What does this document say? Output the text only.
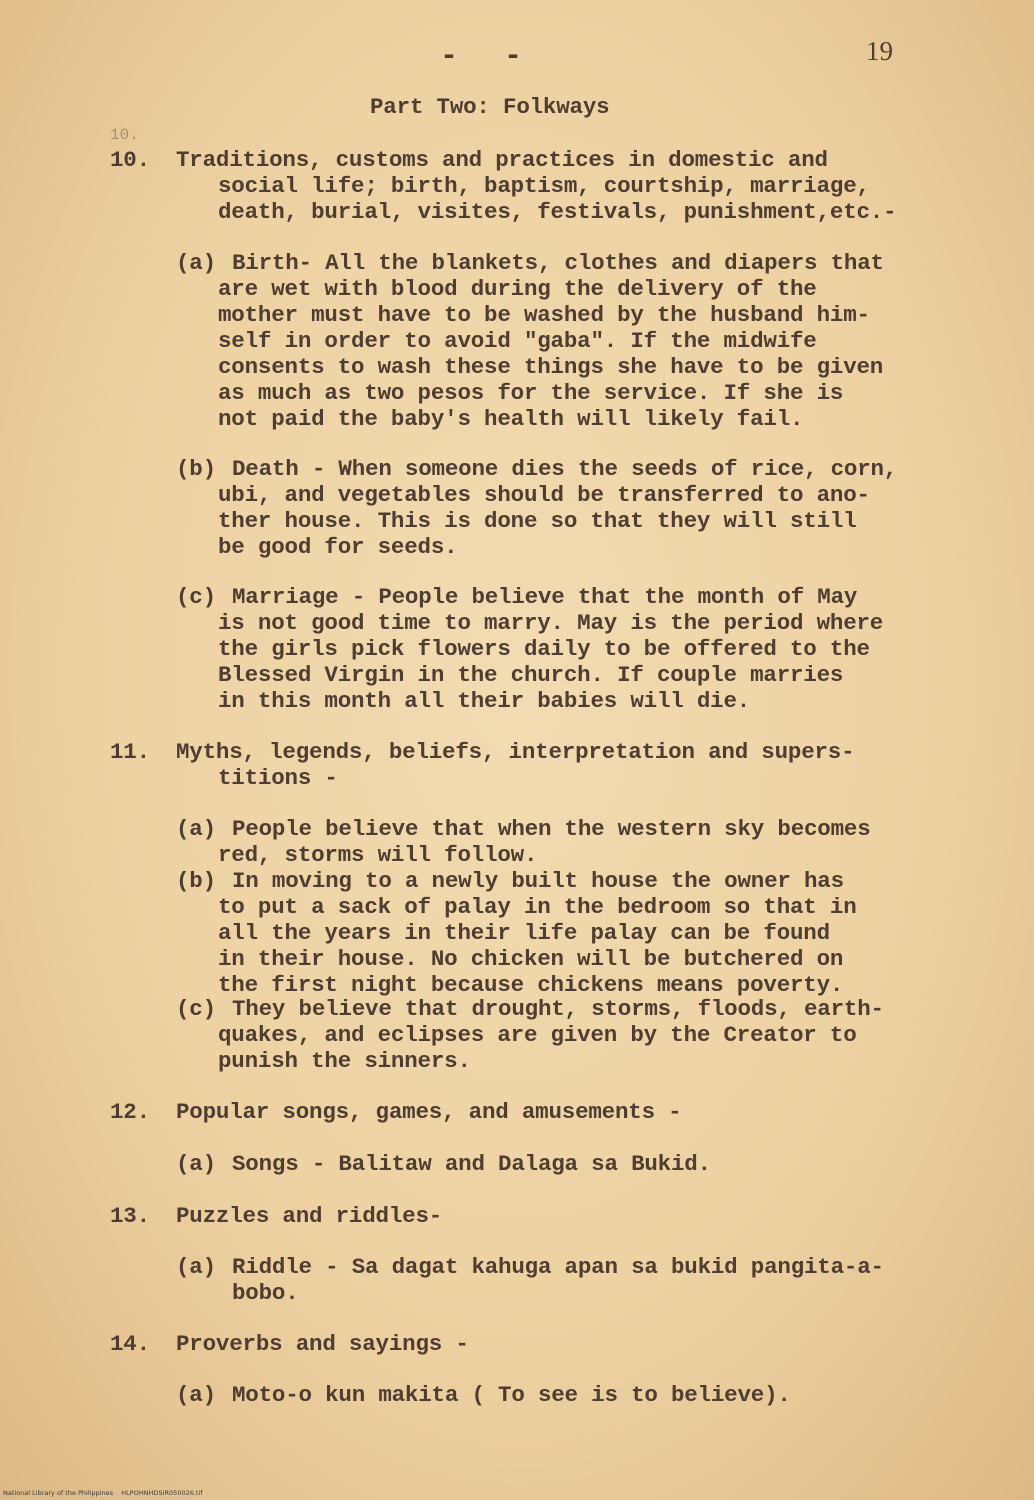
- -	19
Part Two: Folkways
10.
10. Traditions, customs and practices in domestic and
social life; birth, baptism, courtship, marriage,
death, burial, visites, festivals, punishment,etc.-
(a) Birth- All the blankets, clothes and diapers that
are wet with blood during the delivery of the
mother must have to be washed by the husband him-
self in order to avoid "gaba". If the midwife
consents to wash these things she have to be given
as much as two pesos for the service. If she is
not paid the baby's health will likely fail.
(b) Death - When someone dies the seeds of rice, corn,
ubi, and vegetables should be transferred to ano-
ther house. This is done so that they will still
be good for seeds.
(c) Marriage - People believe that the month of May
is not good time to marry. May is the period where
the girls pick flowers daily to be offered to the
Blessed Virgin in the church. If couple marries
in this month all their babies will die.
11. Myths, legends, beliefs, interpretation and supers-
titions -
(a) People believe that when the western sky becomes
red, storms will follow.
(b) In moving to a newly built house the owner has
to put a sack of palay in the bedroom so that in
all the years in their life palay can be found
in their house. No chicken will be butchered on
the first night because chickens means poverty.
(c) They believe that drought, storms, floods, earth-
quakes, and eclipses are given by the Creator to
punish the sinners.
12. Popular songs, games, and amusements -
(a) Songs - Balitaw and Dalaga sa Bukid.
13. Puzzles and riddles-
(a) Riddle - Sa dagat kahuga apan sa bukid pangita-a-
bobo.
14. Proverbs and sayings -
(a) Moto-o kun makita ( To see is to believe).
National Library of the Philippines    HLPOHNHDSIR050026.tif
